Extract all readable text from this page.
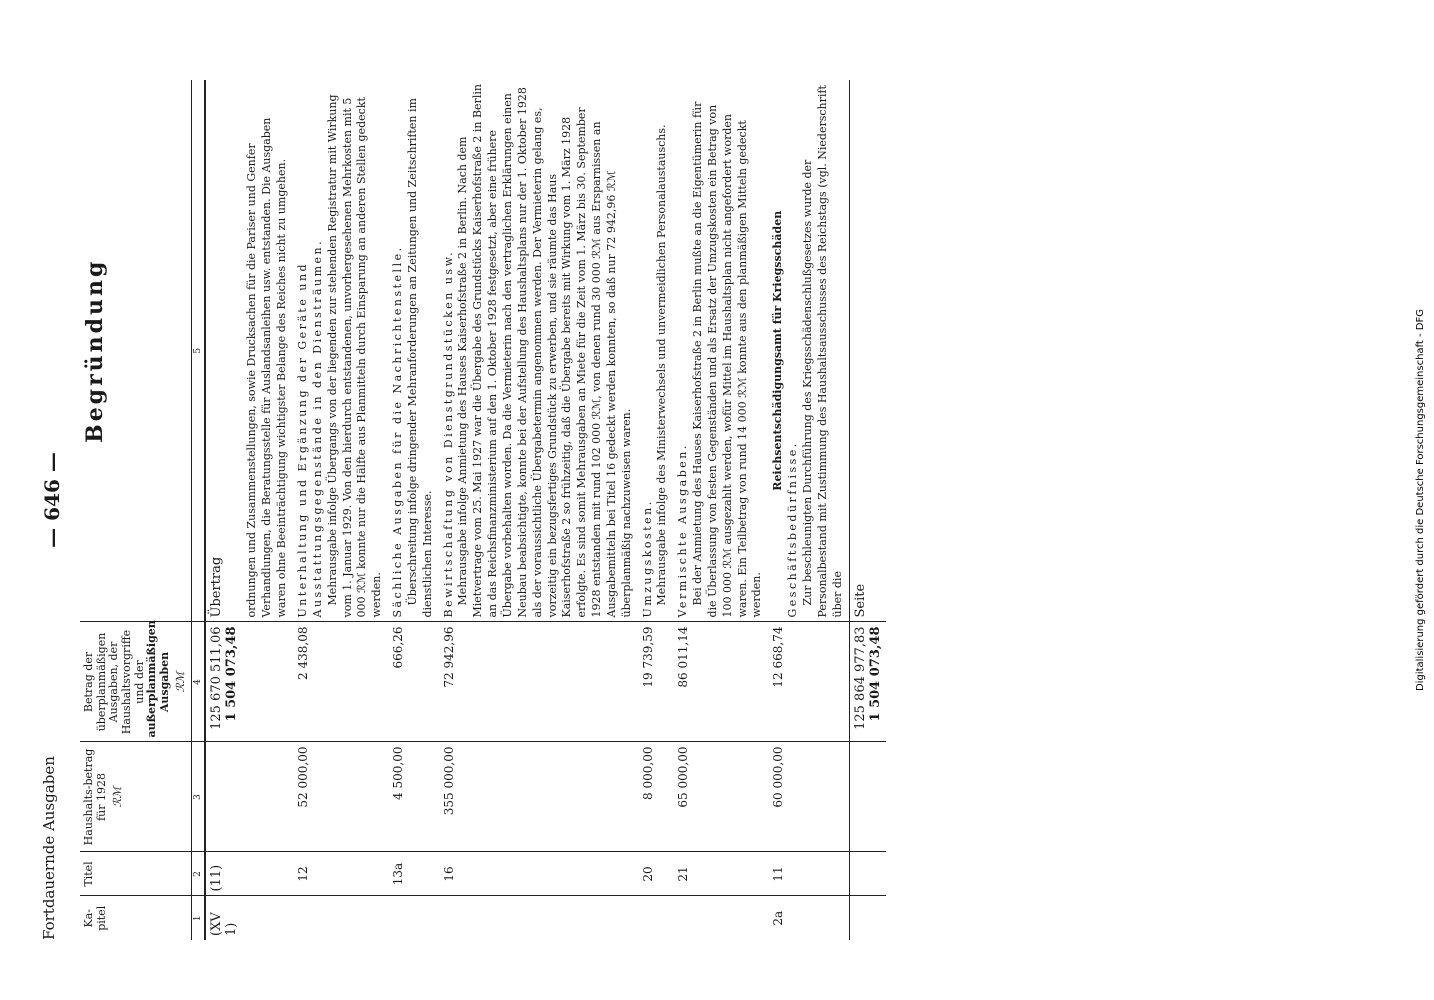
Fortdauernde Ausgaben
— 646 —
Ka-pitel	Titel	Haushalts-betrag für 1928 ℛℳ	Betrag der überplanmäßigen Ausgaben, der Haushaltsvorgriffe und der außerplanmäßigen Ausgaben ℛℳ	Begründung
1	2	3	4	5
(XV 1)	(11)		125 670 511,06 1 504 073,48	Übertrag
				ordnungen und Zusammenstellungen, sowie Drucksachen für die Pariser und Genfer Verhandlungen, die Beratungsstelle für Auslandsanleihen usw. entstanden. Die Ausgaben waren ohne Beeinträchtigung wichtigster Belange des Reiches nicht zu umgehen.
	12	52 000,00	2 438,08	Unterhaltung und Ergänzung der Geräte und Ausstattungsgegenstände in den Diensträumen. Mehrausgabe infolge Übergangs von der liegenden zur stehenden Registratur mit Wirkung vom 1. Januar 1929. Von den hierdurch entstandenen, unvorhergesehenen Mehrkosten mit 5 000 ℛℳ konnte nur die Hälfte aus Planmitteln durch Einsparung an anderen Stellen gedeckt werden.

	13a	4 500,00	666,26	Sächliche Ausgaben für die Nachrichtenstelle. Überschreitung infolge dringender Mehranforderungen an Zeitungen und Zeitschriften im dienstlichen Interesse.

	16	355 000,00	72 942,96	Bewirtschaftung von Dienstgrundstücken usw. Mehrausgabe infolge Anmietung des Hauses Kaiserhofstraße 2 in Berlin. Nach dem Mietvertrage vom 25. Mai 1927 war die Übergabe des Grundstücks Kaiserhofstraße 2 in Berlin an das Reichsfinanzministerium auf den 1. Oktober 1928 festgesetzt, aber eine frühere Übergabe vorbehalten worden. Da die Vermieterin nach den vertraglichen Erklärungen einen Neubau beabsichtigte, konnte bei der Aufstellung des Haushaltsplans nur der 1. Oktober 1928 als der voraussichtliche Übergabetermin angenommen werden. Der Vermieterin gelang es, vorzeitig ein bezugsfertiges Grundstück zu erwerben, und sie räumte das Haus Kaiserhofstraße 2 so frühzeitig, daß die Übergabe bereits mit Wirkung vom 1. März 1928 erfolgte. Es sind somit Mehrausgaben an Miete für die Zeit vom 1. März bis 30. September 1928 entstanden mit rund 102 000 ℛℳ, von denen rund 30 000 ℛℳ aus Ersparnissen an Ausgabemitteln bei Titel 16 gedeckt werden konnten, so daß nur 72 942,96 ℛℳ überplanmäßig nachzuweisen waren.

	20	8 000,00	19 739,59	Umzugskosten. Mehrausgabe infolge des Ministerwechsels und unvermeidlichen Personalaustauschs.

	21	65 000,00	86 011,14	Vermischte Ausgaben. Bei der Anmietung des Hauses Kaiserhofstraße 2 in Berlin mußte an die Eigentümerin für die Überlassung von festen Gegenständen und als Ersatz der Umzugskosten ein Betrag von 100 000 ℛℳ ausgezahlt werden, wofür Mittel im Haushaltsplan nicht angefordert worden waren. Ein Teilbetrag von rund 14 000 ℛℳ konnte aus den planmäßigen Mitteln gedeckt werden.

2a	11	60 000,00	12 668,74	Reichsentschädigungsamt für Kriegsschäden
Geschäftsbedürfnisse. Zur beschleunigten Durchführung des Kriegsschädenschlußgesetzes wurde der Personalbestand mit Zustimmung des Haushaltsausschusses des Reichstags (vgl. Niederschrift über die

			125 864 977,83 1 504 073,48	Seite	Digitalisierung gefördert durch die Deutsche Forschungsgemeinschaft - DFG
